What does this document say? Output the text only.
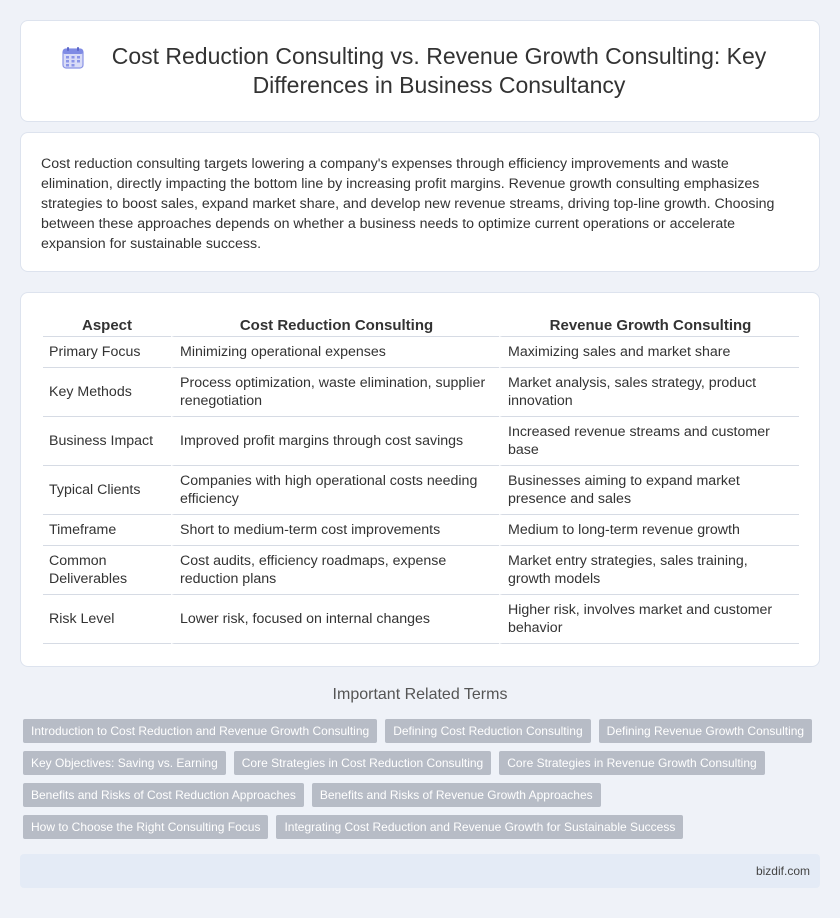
Cost Reduction Consulting vs. Revenue Growth Consulting: Key Differences in Business Consultancy

Cost reduction consulting targets lowering a company's expenses through efficiency improvements and waste elimination, directly impacting the bottom line by increasing profit margins. Revenue growth consulting emphasizes strategies to boost sales, expand market share, and develop new revenue streams, driving top-line growth. Choosing between these approaches depends on whether a business needs to optimize current operations or accelerate expansion for sustainable success.

Aspect	Cost Reduction Consulting	Revenue Growth Consulting
Primary Focus	Minimizing operational expenses	Maximizing sales and market share
Key Methods	Process optimization, waste elimination, supplier renegotiation	Market analysis, sales strategy, product innovation
Business Impact	Improved profit margins through cost savings	Increased revenue streams and customer base
Typical Clients	Companies with high operational costs needing efficiency	Businesses aiming to expand market presence and sales
Timeframe	Short to medium-term cost improvements	Medium to long-term revenue growth
Common Deliverables	Cost audits, efficiency roadmaps, expense reduction plans	Market entry strategies, sales training, growth models
Risk Level	Lower risk, focused on internal changes	Higher risk, involves market and customer behavior
Important Related Terms
Introduction to Cost Reduction and Revenue Growth Consulting	Defining Cost Reduction Consulting	Defining Revenue Growth Consulting
Key Objectives: Saving vs. Earning	Core Strategies in Cost Reduction Consulting	Core Strategies in Revenue Growth Consulting
Benefits and Risks of Cost Reduction Approaches	Benefits and Risks of Revenue Growth Approaches
How to Choose the Right Consulting Focus	Integrating Cost Reduction and Revenue Growth for Sustainable Success
bizdif.com
